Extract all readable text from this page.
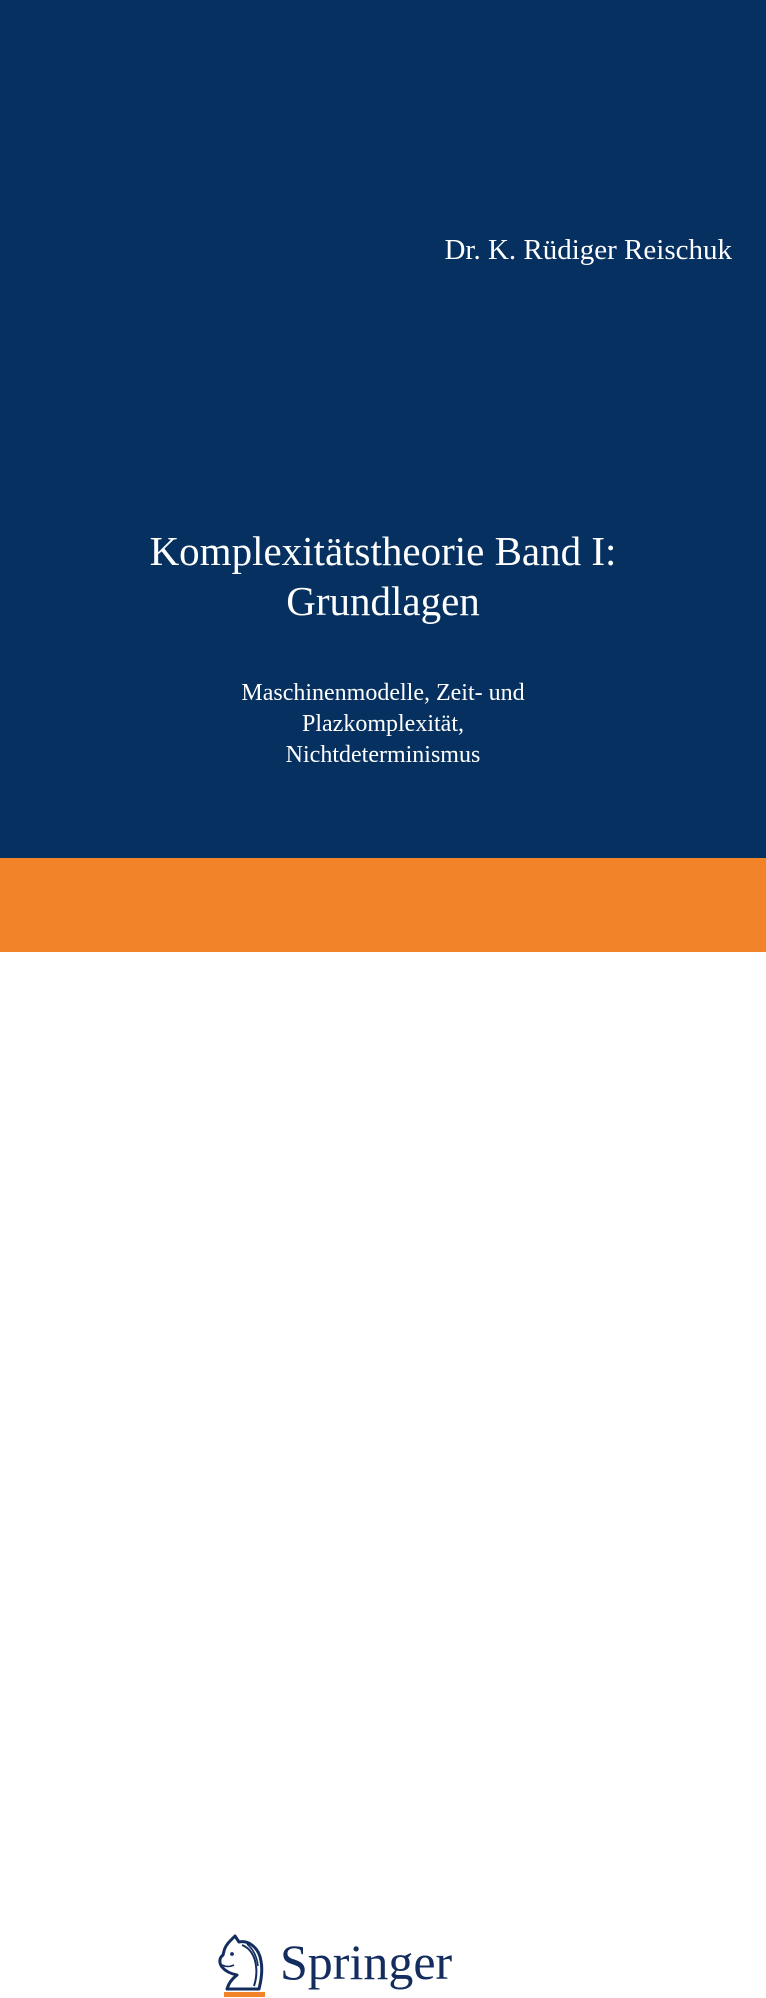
Dr. K. Rüdiger Reischuk
Komplexitätstheorie Band I:
Grundlagen
Maschinenmodelle, Zeit- und
Plazkomplexität,
Nichtdeterminismus
Springer
